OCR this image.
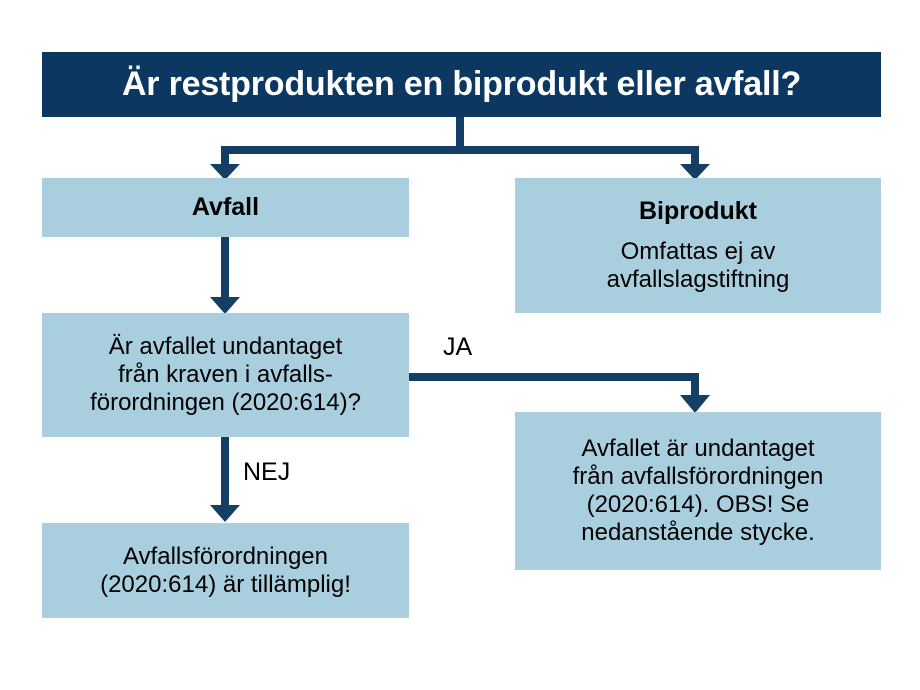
Är restprodukten en biprodukt eller avfall?
Avfall	Biprodukt
Omfattas ej av
avfallslagstiftning
Är avfallet undantaget
från kraven i avfalls-
förordningen (2020:614)?
Avfallet är undantaget
från avfallsförordningen
(2020:614). OBS! Se
nedanstående stycke.
Avfallsförordningen
(2020:614) är tillämplig!
JA
NEJ
